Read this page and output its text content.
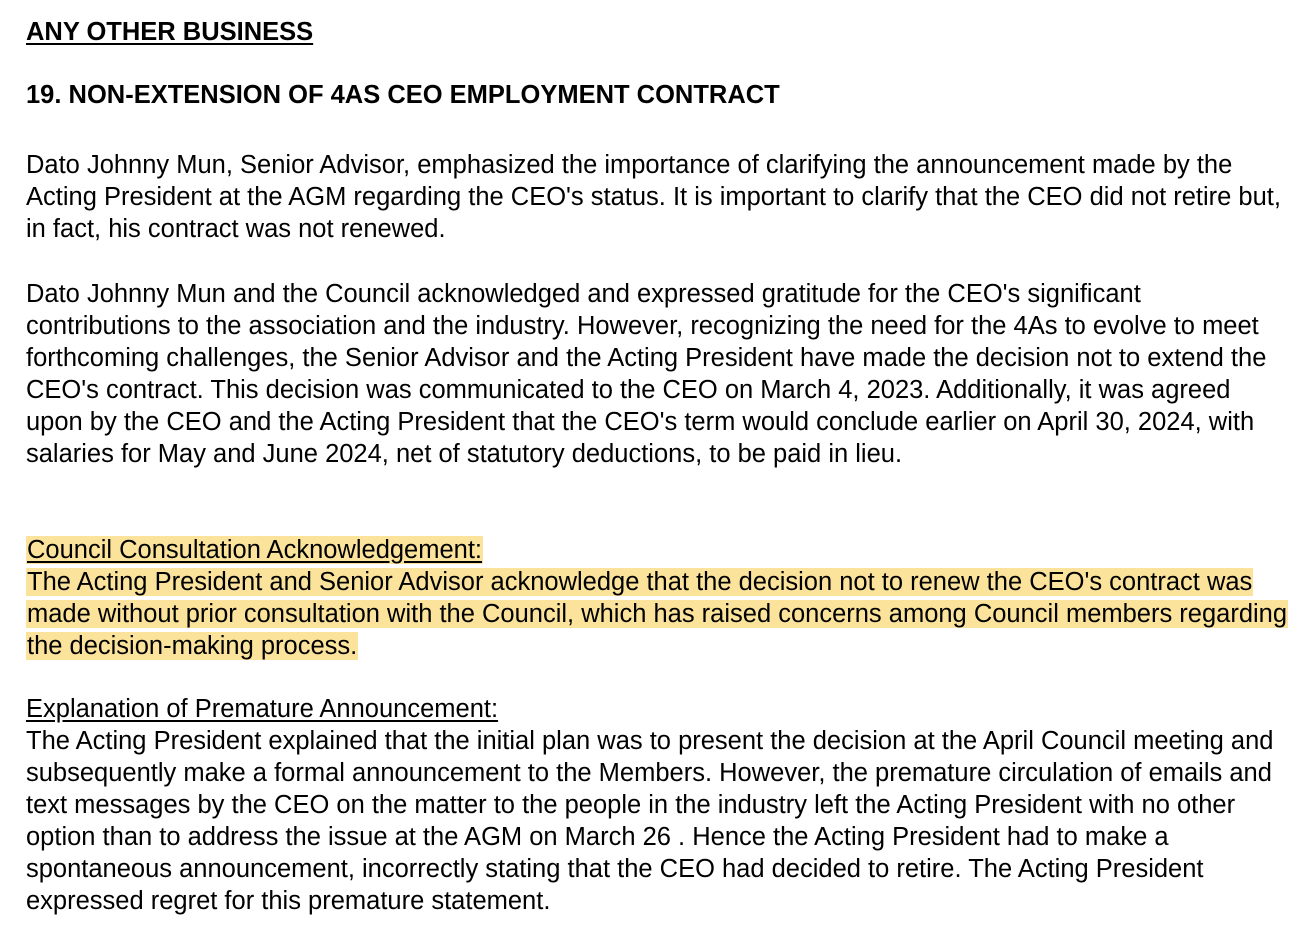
ANY OTHER BUSINESS
19. NON-EXTENSION OF 4AS CEO EMPLOYMENT CONTRACT

Dato Johnny Mun, Senior Advisor, emphasized the importance of clarifying the announcement made by the Acting President at the AGM regarding the CEO's status. It is important to clarify that the CEO did not retire but, in fact, his contract was not renewed.

Dato Johnny Mun and the Council acknowledged and expressed gratitude for the CEO's significant contributions to the association and the industry. However, recognizing the need for the 4As to evolve to meet forthcoming challenges, the Senior Advisor and the Acting President have made the decision not to extend the CEO's contract. This decision was communicated to the CEO on March 4, 2023. Additionally, it was agreed upon by the CEO and the Acting President that the CEO's term would conclude earlier on April 30, 2024, with salaries for May and June 2024, net of statutory deductions, to be paid in lieu.

Council Consultation Acknowledgement:

The Acting President and Senior Advisor acknowledge that the decision not to renew the CEO's contract was made without prior consultation with the Council, which has raised concerns among Council members regarding the decision-making process.

Explanation of Premature Announcement:

The Acting President explained that the initial plan was to present the decision at the April Council meeting and subsequently make a formal announcement to the Members. However, the premature circulation of emails and text messages by the CEO on the matter to the people in the industry left the Acting President with no other option than to address the issue at the AGM on March 26 . Hence the Acting President had to make a spontaneous announcement, incorrectly stating that the CEO had decided to retire. The Acting President expressed regret for this premature statement.
